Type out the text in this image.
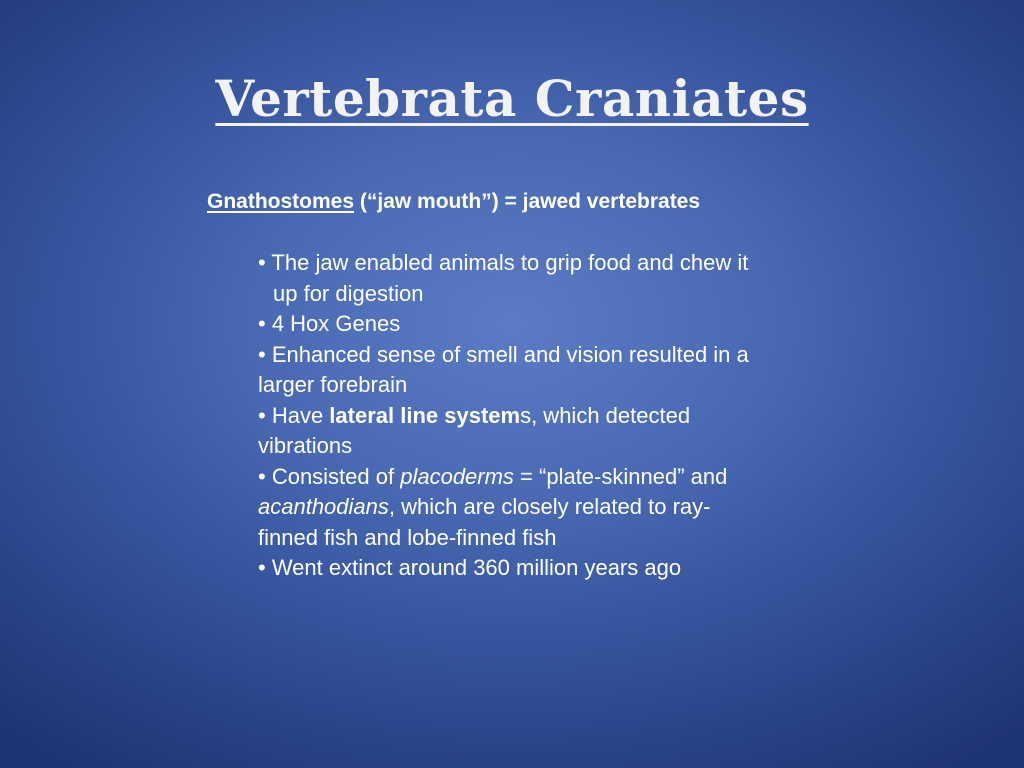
Vertebrata Craniates
Gnathostomes (“jaw mouth”) = jawed vertebrates
• The jaw enabled animals to grip food and chew it
up for digestion
• 4 Hox Genes
• Enhanced sense of smell and vision resulted in a
larger forebrain
• Have lateral line systems, which detected
vibrations
• Consisted of placoderms = “plate-skinned” and
acanthodians, which are closely related to ray-
finned fish and lobe-finned fish
• Went extinct around 360 million years ago
